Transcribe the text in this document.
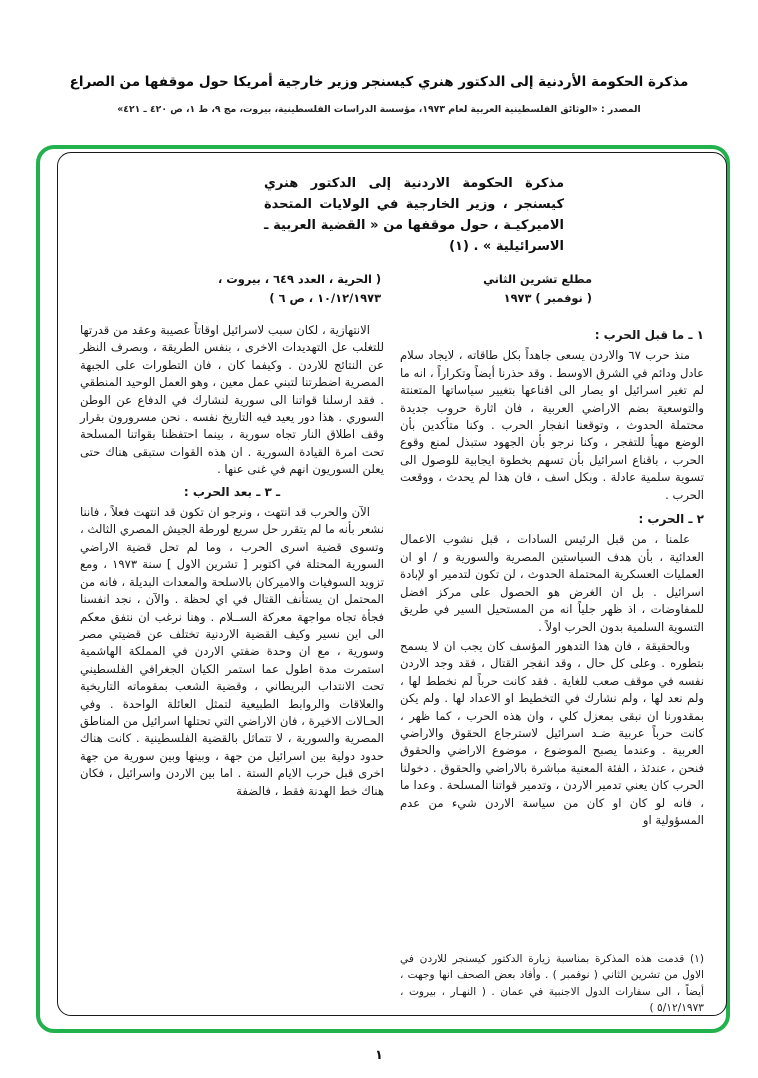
مذكرة الحكومة الأردنية إلى الدكتور هنري كيسنجر وزير خارجية أمريكا حول موقفها من الصراع
المصدر : «الوثائق الفلسطينية العربية لعام ١٩٧٣، مؤسسة الدراسات الفلسطينية، بيروت، مج ٩، ط ١، ص ٤٢٠ ـ ٤٢١»
مذكرة الحكومة الاردنية إلى الدكتور هنري كيسنجر ، وزير الخارجية في الولايات المتحدة الاميركيـة ، حول موقفها من « القضية العربية ـ الاسرائيلية » . (١)
مطلع تشرين الثاني
( نوفمبر ) ١٩٧٣
( الحرية ، العدد ٦٤٩ ، بيروت ،
١٠/١٢/١٩٧٣ ، ص ٦ )
١ ـ ما قبل الحرب :

منذ حرب ٦٧ والاردن يسعى جاهداً بكل طاقاته ، لايجاد سلام عادل ودائم في الشرق الاوسط . وقد حذرنا أيضاً وتكراراً ، انه ما لم تغير اسرائيل او يصار الى اقناعها بتغيير سياساتها المتعنتة والتوسعية بضم الاراضي العربية ، فان اثارة حروب جديدة محتملة الحدوث ، وتوقعنا انفجار الحرب . وكنا متأكدين بأن الوضع مهيأ للتفجر ، وكنا نرجو بأن الجهود ستبذل لمنع وقوع الحرب ، باقناع اسرائيل بأن تسهم بخطوة ايجابية للوصول الى تسوية سلمية عادلة . وبكل اسف ، فان هذا لم يحدث ، ووقعت الحرب .

٢ ـ الحرب :

علمنا ، من قبل الرئيس السادات ، قبل نشوب الاعمال العدائية ، بأن هدف السياستين المصرية والسورية و / او ان العمليات العسكرية المحتملة الحدوث ، لن تكون لتدمير او لإبادة اسرائيل . بل ان الغرض هو الحصول على مركز افضل للمفاوضات ، اذ ظهر جلياً انه من المستحيل السير في طريق التسوية السلمية بدون الحرب اولاً .

وبالحقيقة ، فان هذا التدهور المؤسف كان يجب ان لا يسمح بتطوره . وعلى كل حال ، وقد انفجر القتال ، فقد وجد الاردن نفسه في موقف صعب للغاية . فقد كانت حرباً لم نخطط لها ، ولم نعد لها ، ولم نشارك في التخطيط او الاعداد لها . ولم يكن بمقدورنا ان نبقى بمعزل كلي ، وان هذه الحرب ، كما ظهر ، كانت حرباً عربية ضـد اسرائيل لاسترجاع الحقوق والاراضي العربية . وعندما يصبح الموضوع ، موضوع الاراضي والحقوق فنحن ، عندئذ ، الفئة المعنية مباشرة بالاراضي والحقوق . دخولنا الحرب كان يعني تدمير الاردن ، وتدمير قواتنا المسلحة . وعدا ما ، فانه لو كان او كان من سياسة الاردن شيء من عدم المسؤولية او

(١) قدمت هذه المذكرة بمناسبة زيارة الدكتور كيسنجر للاردن في الاول من تشرين الثاني ( نوفمبر ) . وأفاد بعض الصحف انها وجهت ، أيضاً ، الى سفارات الدول الاجنبية في عمان . ( النهـار ، بيروت ، ٥/١٢/١٩٧٣ )

الانتهازية ، لكان سبب لاسرائيل اوقاتاً عصيبة وعقد من قدرتها للتغلب عل التهديدات الاخرى ، بنفس الطريقة ، وبصرف النظر عن النتائج للاردن . وكيفما كان ، فان التطورات على الجبهة المصرية اضطرتنا لتبني عمل معين ، وهو العمل الوحيد المنطقي . فقد ارسلنا قواتنا الى سورية لنشارك في الدفاع عن الوطن السوري . هذا دور يعيد فيه التاريخ نفسه . نحن مسرورون بقرار وقف اطلاق النار تجاه سورية ، بينما احتفظنا بقواتنا المسلحة تحت امرة القيادة السورية . ان هذه القوات ستبقى هناك حتى يعلن السوريون انهم في غنى عنها .

ـ ٣ ـ بعد الحرب :

الآن والحرب قد انتهت ، ونرجو ان تكون قد انتهت فعلاً ، فاننا نشعر بأنه ما لم يتقرر حل سريع لورطة الجيش المصري الثالث ، وتسوى قضية اسرى الحرب ، وما لم تحل قضية الاراضي السورية المحتلة في اكتوبر [ تشرين الاول ] سنة ١٩٧٣ ، ومع تزويد السوفيات والاميركان بالاسلحة والمعدات البديلة ، فانه من المحتمل ان يستأنف القتال في اي لحظة . والآن ، نجد انفسنا فجأة تجاه مواجهة معركة الســلام . وهنا نرغب ان نتفق معكم الى اين نسير وكيف القضية الاردنية تختلف عن قضيتي مصر وسورية ، مع ان وحدة ضفتي الاردن في المملكة الهاشمية استمرت مدة اطول عما استمر الكيان الجغرافي الفلسطيني تحت الانتداب البريطاني ، وقضية الشعب بمقوماته التاريخية والعلاقات والروابط الطبيعية لتمثل العائلة الواحدة . وفي الحـالات الاخيرة ، فان الاراضي التي تحتلها اسرائيل من المناطق المصرية والسورية ، لا تتماثل بالقضية الفلسطينية . كانت هناك حدود دولية بين اسرائيل من جهة ، وبينها وبين سورية من جهة اخرى قبل حرب الايام الستة . اما بين الاردن واسرائيل ، فكان هناك خط الهدنة فقط ، فالضفة

١
